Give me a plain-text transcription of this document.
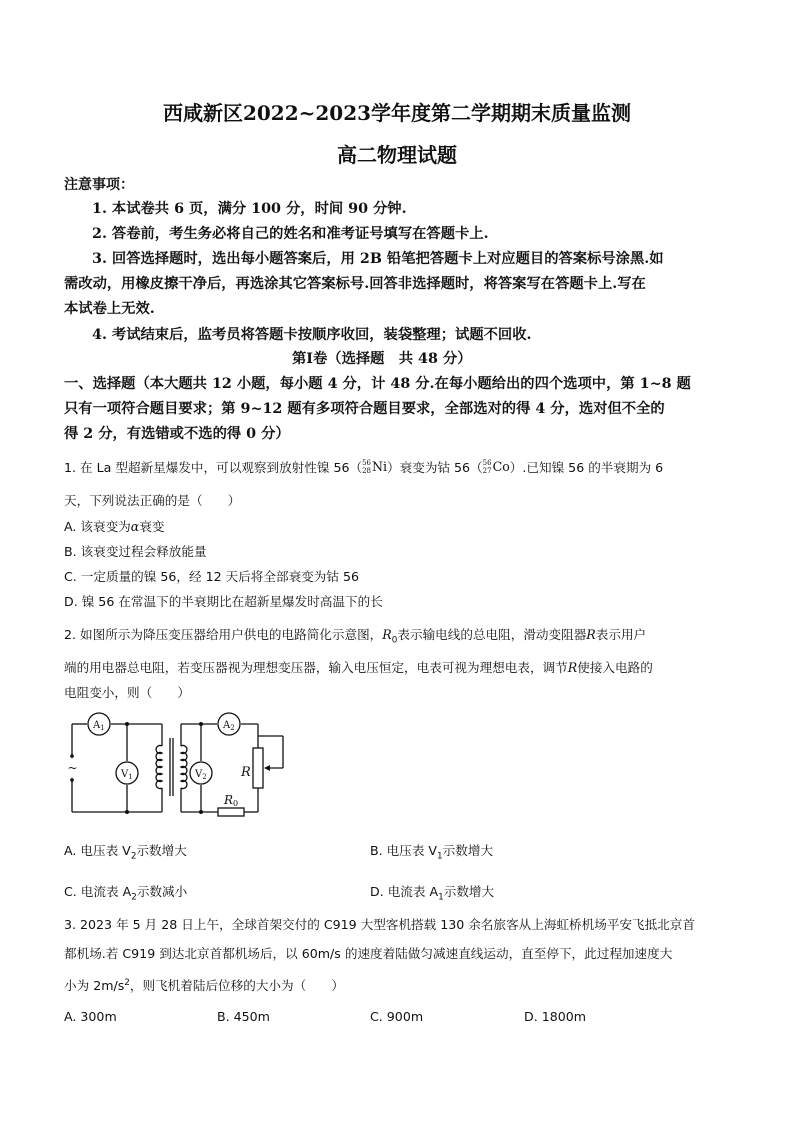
西咸新区2022~2023学年度第二学期期末质量监测
高二物理试题
注意事项：
1. 本试卷共 6 页，满分 100 分，时间 90 分钟.
2. 答卷前，考生务必将自己的姓名和准考证号填写在答题卡上.
3. 回答选择题时，选出每小题答案后，用 2B 铅笔把答题卡上对应题目的答案标号涂黑.如
需改动，用橡皮擦干净后，再选涂其它答案标号.回答非选择题时，将答案写在答题卡上.写在
本试卷上无效.
4. 考试结束后，监考员将答题卡按顺序收回，装袋整理；试题不回收.
第Ⅰ卷（选择题　共 48 分）
一、选择题（本大题共 12 小题，每小题 4 分，计 48 分.在每小题给出的四个选项中，第 1~8 题
只有一项符合题目要求；第 9~12 题有多项符合题目要求，全部选对的得 4 分，选对但不全的
得 2 分，有选错或不选的得 0 分）
1. 在 La 型超新星爆发中，可以观察到放射性镍 56（ 56
28 Ni ）衰变为钴 56（ 56
27 Co ）.已知镍 56 的半衰期为 6
天，下列说法正确的是（　　）
A. 该衰变为α衰变
B. 该衰变过程会释放能量
C. 一定质量的镍 56，经 12 天后将全部衰变为钴 56
D. 镍 56 在常温下的半衰期比在超新星爆发时高温下的长
2. 如图所示为降压变压器给用户供电的电路简化示意图，$R_0$表示输电线的总电阻，滑动变阻器R表示用户
端的用电器总电阻，若变压器视为理想变压器，输入电压恒定，电表可视为理想电表，调节R使接入电路的
电阻变小，则（　　）
~
$A_1$
$V_1$
$A_2$
$V_2$	R
R0
A. 电压表 $V_2$示数增大	B. 电压表 $V_1$示数增大
C. 电流表 $A_2$示数减小	D. 电流表 $A_1$示数增大
3. 2023 年 5 月 28 日上午，全球首架交付的 C919 大型客机搭载 130 余名旅客从上海虹桥机场平安飞抵北京首
都机场.若 C919 到达北京首都机场后，以 60m/s 的速度着陆做匀减速直线运动，直至停下，此过程加速度大
小为 $2m/s^2$，则飞机着陆后位移的大小为（　　）
A. 300m	B. 450m	C. 900m	D. 1800m
